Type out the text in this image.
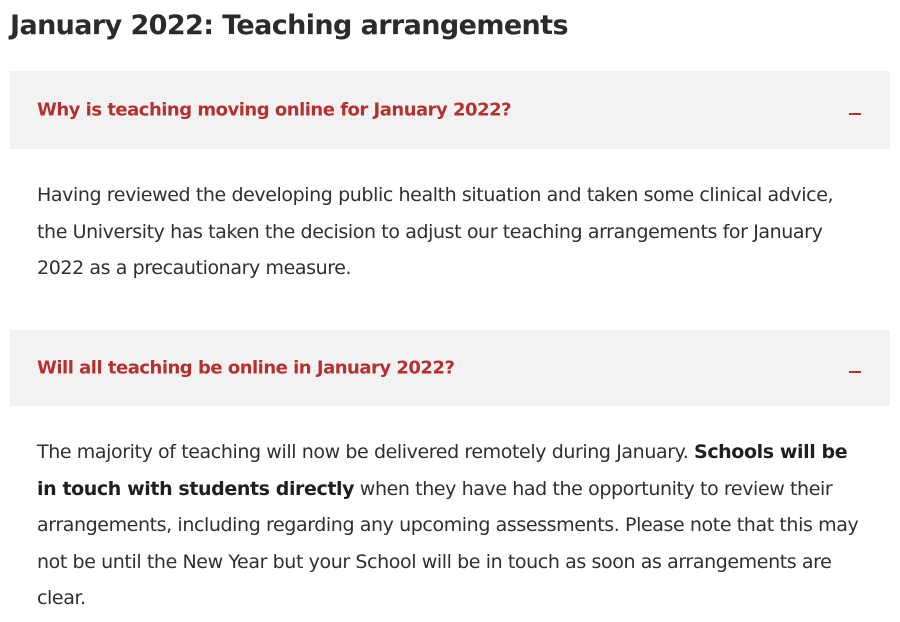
January 2022: Teaching arrangements
Why is teaching moving online for January 2022?

Having reviewed the developing public health situation and taken some clinical advice, the University has taken the decision to adjust our teaching arrangements for January 2022 as a precautionary measure.

Will all teaching be online in January 2022?

The majority of teaching will now be delivered remotely during January. Schools will be in touch with students directly when they have had the opportunity to review their arrangements, including regarding any upcoming assessments. Please note that this may not be until the New Year but your School will be in touch as soon as arrangements are clear.
